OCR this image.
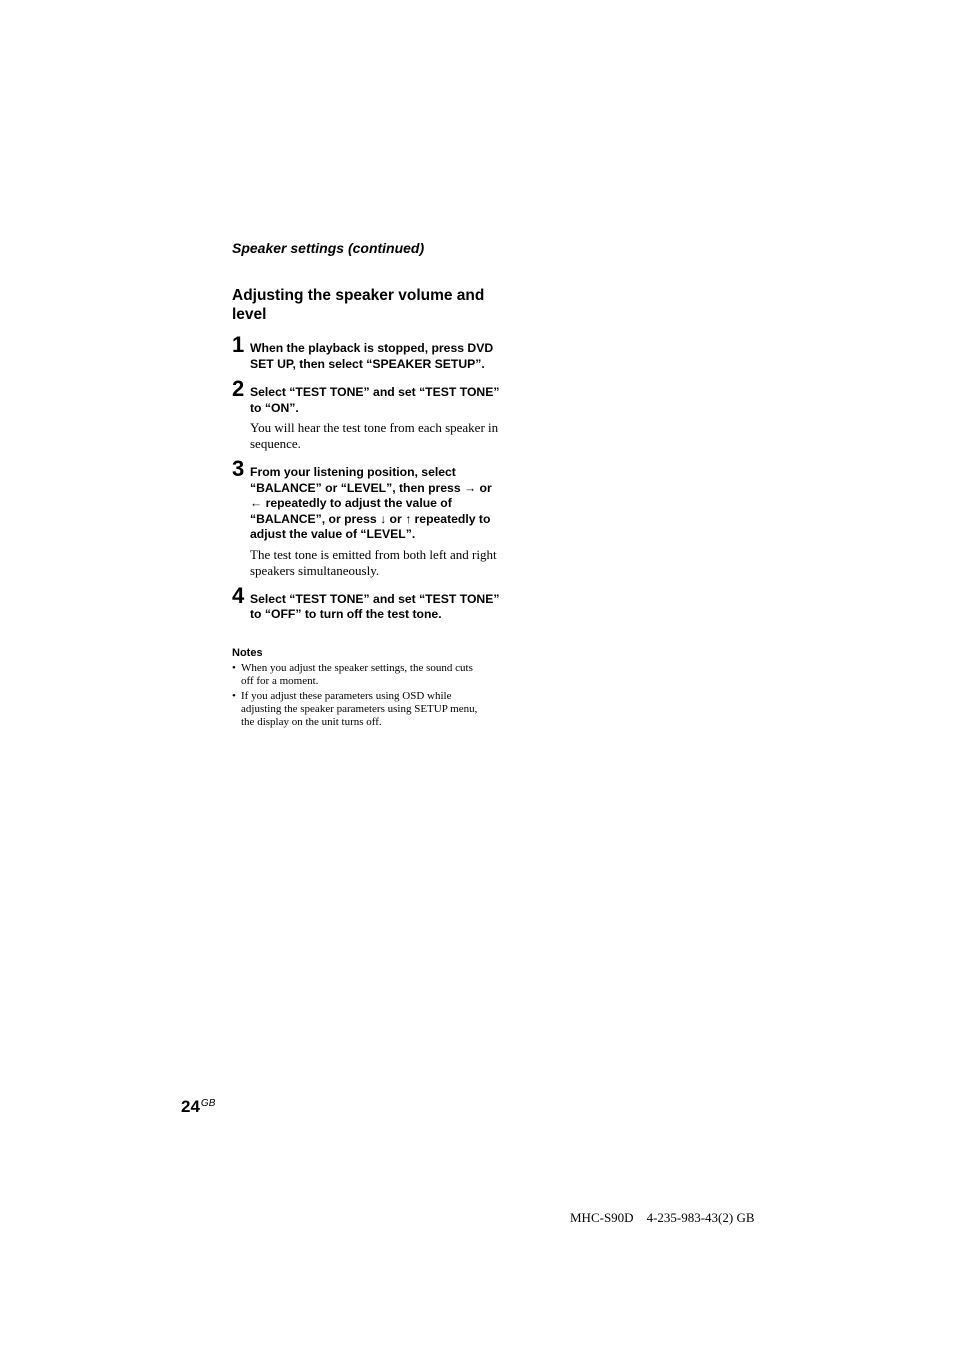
Speaker settings (continued)
Adjusting the speaker volume and level
1 When the playback is stopped, press DVD SET UP, then select “SPEAKER SETUP”.
2 Select “TEST TONE” and set “TEST TONE” to “ON”.
You will hear the test tone from each speaker in sequence.
3 From your listening position, select “BALANCE” or “LEVEL”, then press → or ← repeatedly to adjust the value of “BALANCE”, or press ↓ or ↑ repeatedly to adjust the value of “LEVEL”.
The test tone is emitted from both left and right speakers simultaneously.
4 Select “TEST TONE” and set “TEST TONE” to “OFF” to turn off the test tone.
Notes
• When you adjust the speaker settings, the sound cuts off for a moment.
• If you adjust these parameters using OSD while adjusting the speaker parameters using SETUP menu, the display on the unit turns off.
$24^{GB}$
MHC-S90D    4-235-983-43(2) GB
